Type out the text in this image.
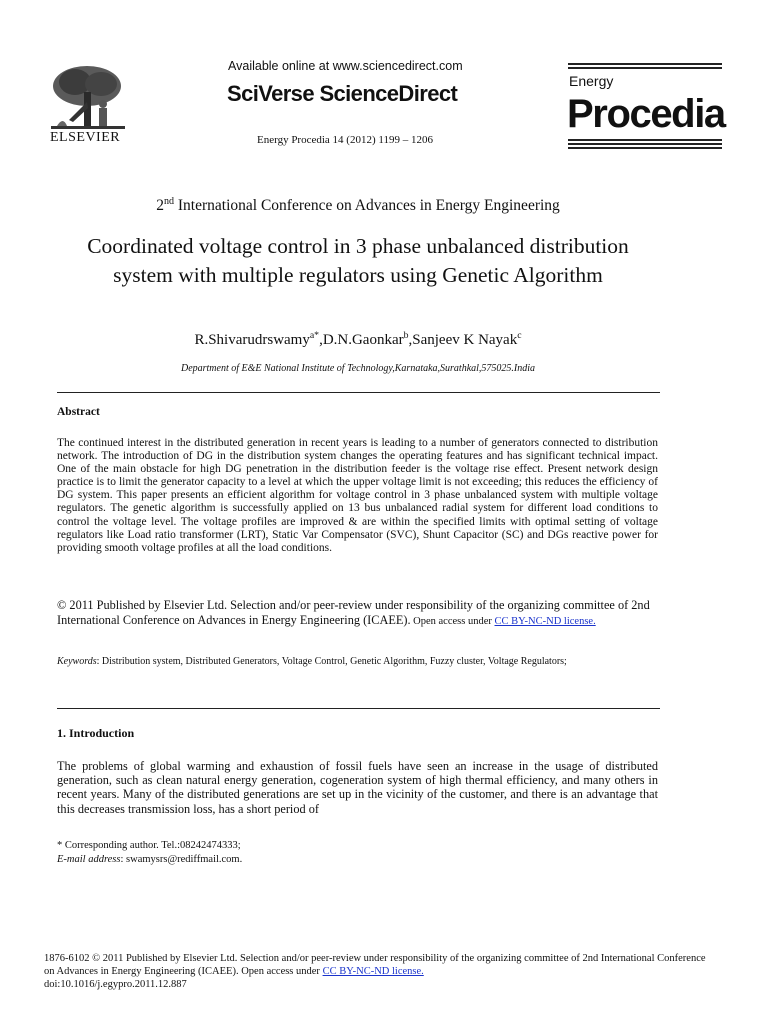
ELSEVIER
Available online at www.sciencedirect.com
SciVerse ScienceDirect
Energy Procedia 14 (2012) 1199 – 1206
Energy
Procedia
2nd International Conference on Advances in Energy Engineering
Coordinated voltage control in 3 phase unbalanced distribution system with multiple regulators using Genetic Algorithm
R.Shivarudrswamy$^{a*}$,D.N.Gaonkar$^b$,Sanjeev K Nayak$^c$
Department of E&E National Institute of Technology,Karnataka,Surathkal,575025.India
Abstract
The continued interest in the distributed generation in recent years is leading to a number of generators connected to distribution network. The introduction of DG in the distribution system changes the operating features and has significant technical impact. One of the main obstacle for high DG penetration in the distribution feeder is the voltage rise effect. Present network design practice is to limit the generator capacity to a level at which the upper voltage limit is not exceeding; this reduces the efficiency of DG system. This paper presents an efficient algorithm for voltage control in 3 phase unbalanced system with multiple voltage regulators. The genetic algorithm is successfully applied on 13 bus unbalanced radial system for different load conditions to control the voltage level. The voltage profiles are improved & are within the specified limits with optimal setting of voltage regulators like Load ratio transformer (LRT), Static Var Compensator (SVC), Shunt Capacitor (SC) and DGs reactive power for providing smooth voltage profiles at all the load conditions.
© 2011 Published by Elsevier Ltd. Selection and/or peer-review under responsibility of the organizing committee of 2nd International Conference on Advances in Energy Engineering (ICAEE). Open access under CC BY-NC-ND license.
Keywords: Distribution system, Distributed Generators, Voltage Control, Genetic Algorithm, Fuzzy cluster, Voltage Regulators;
1. Introduction
The problems of global warming and exhaustion of fossil fuels have seen an increase in the usage of distributed generation, such as clean natural energy generation, cogeneration system of high thermal efficiency, and many others in recent years. Many of the distributed generations are set up in the vicinity of the customer, and there is an advantage that this decreases transmission loss, has a short period of
* Corresponding author. Tel.:08242474333;
E-mail address: swamysrs@rediffmail.com.
1876-6102 © 2011 Published by Elsevier Ltd. Selection and/or peer-review under responsibility of the organizing committee of 2nd International Conference on Advances in Energy Engineering (ICAEE). Open access under CC BY-NC-ND license.
doi:10.1016/j.egypro.2011.12.887
